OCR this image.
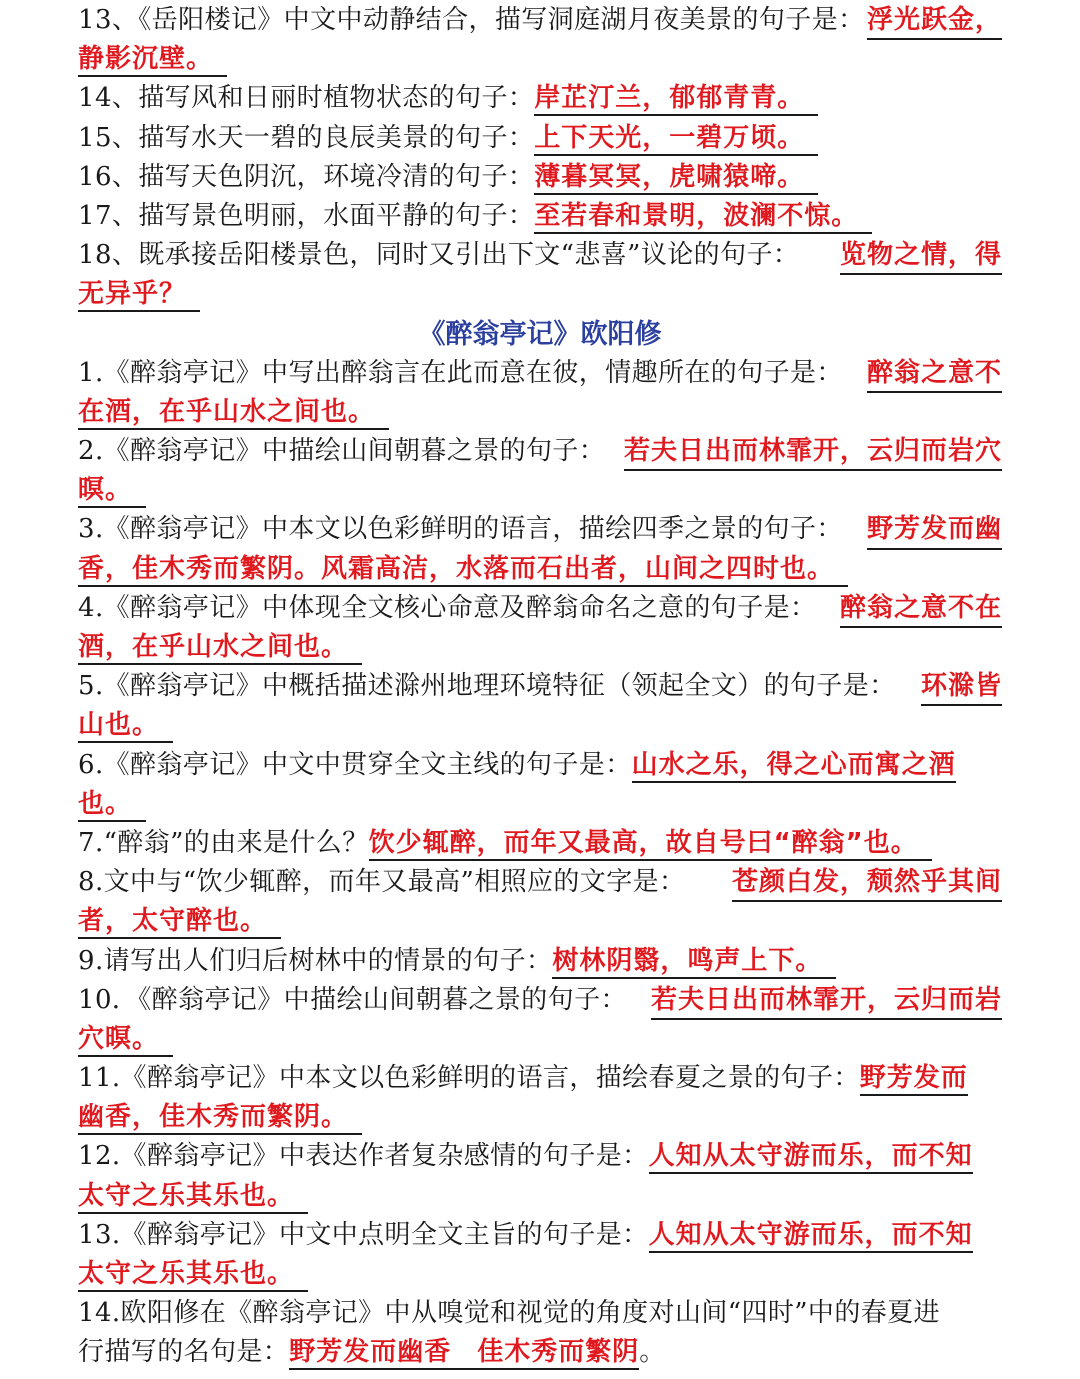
13、《岳阳楼记》中文中动静结合，描写洞庭湖月夜美景的句子是： 浮光跃金，
静影沉壁。
14、描写风和日丽时植物状态的句子：岸芷汀兰，郁郁青青。
15、描写水天一碧的良辰美景的句子：上下天光，一碧万顷。
16、描写天色阴沉，环境冷清的句子：薄暮冥冥，虎啸猿啼。
17、描写景色明丽，水面平静的句子：至若春和景明，波澜不惊。
18、既承接岳阳楼景色，同时又引出下文“悲喜”议论的句子： 览物之情，得
无异乎？
《醉翁亭记》欧阳修
1.《醉翁亭记》中写出醉翁言在此而意在彼，情趣所在的句子是： 醉翁之意不
在酒，在乎山水之间也。
2.《醉翁亭记》中描绘山间朝暮之景的句子： 若夫日出而林霏开，云归而岩穴
暝。
3.《醉翁亭记》中本文以色彩鲜明的语言，描绘四季之景的句子： 野芳发而幽
香，佳木秀而繁阴。风霜高洁，水落而石出者，山间之四时也。
4.《醉翁亭记》中体现全文核心命意及醉翁命名之意的句子是： 醉翁之意不在
酒，在乎山水之间也。
5.《醉翁亭记》中概括描述滁州地理环境特征（领起全文）的句子是： 环滁皆
山也。
6.《醉翁亭记》中文中贯穿全文主线的句子是：山水之乐，得之心而寓之酒
也。
7.“醉翁”的由来是什么？饮少辄醉，而年又最高，故自号曰“醉翁”也。
8.文中与“饮少辄醉，而年又最高”相照应的文字是： 苍颜白发，颓然乎其间
者，太守醉也。
9.请写出人们归后树林中的情景的句子：树林阴翳，鸣声上下。
10．《醉翁亭记》中描绘山间朝暮之景的句子： 若夫日出而林霏开，云归而岩
穴暝。
11.《醉翁亭记》中本文以色彩鲜明的语言，描绘春夏之景的句子：野芳发而
幽香，佳木秀而繁阴。
12.《醉翁亭记》中表达作者复杂感情的句子是：人知从太守游而乐，而不知
太守之乐其乐也。
13.《醉翁亭记》中文中点明全文主旨的句子是：人知从太守游而乐，而不知
太守之乐其乐也。
14.欧阳修在《醉翁亭记》中从嗅觉和视觉的角度对山间“四时”中的春夏进
行描写的名句是：野芳发而幽香 佳木秀而繁阴。
